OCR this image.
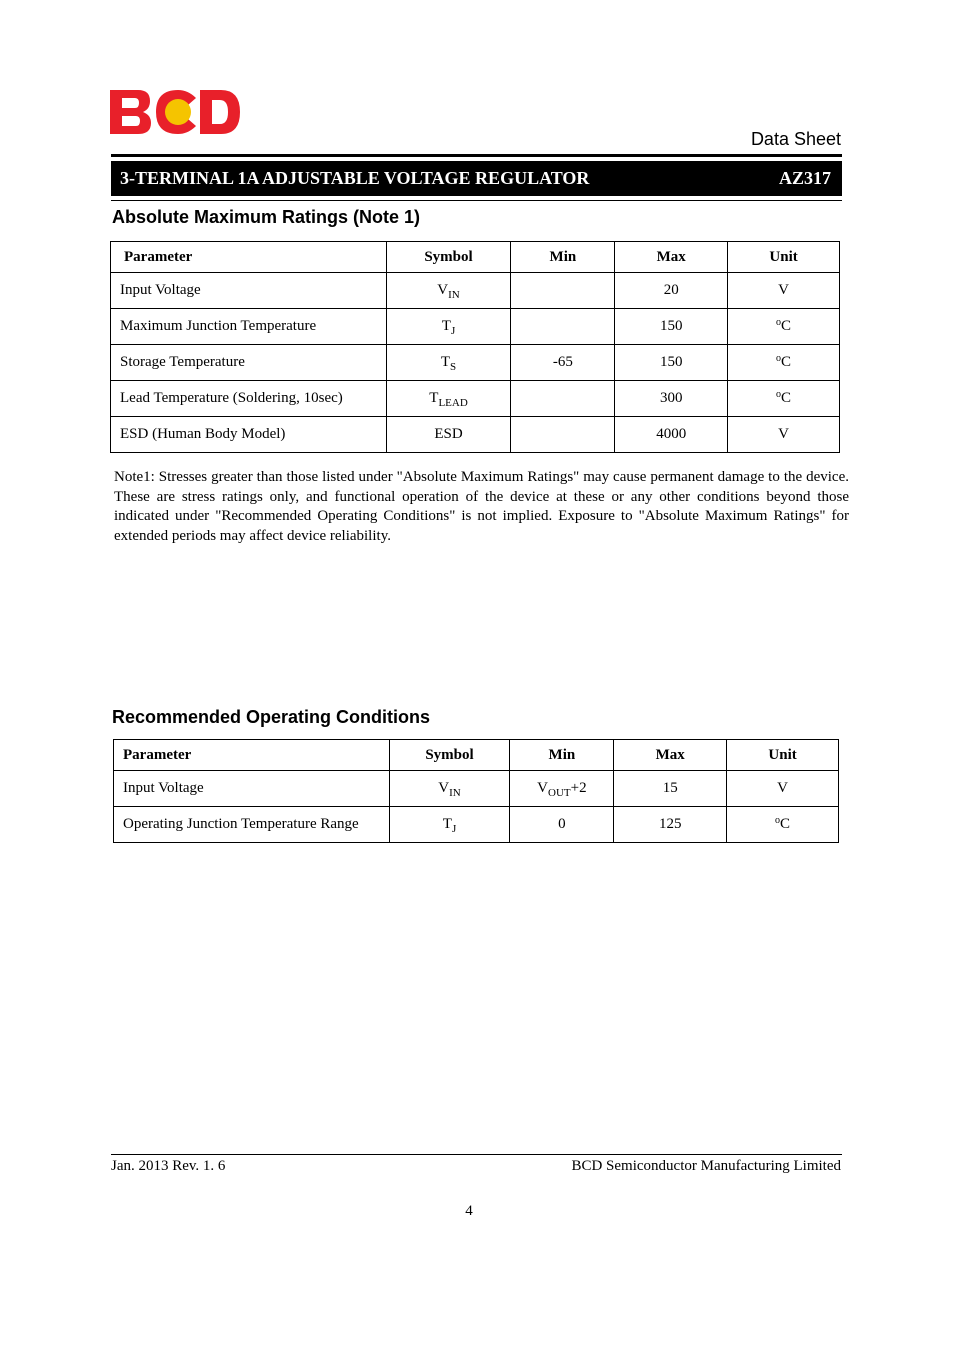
Data Sheet
3-TERMINAL 1A ADJUSTABLE VOLTAGE REGULATOR	AZ317
Absolute Maximum Ratings (Note 1)
Parameter	Symbol	Min	Max	Unit
Input Voltage	$V_{IN}$		20	V
Maximum Junction Temperature	$T_J$		150	$^o$C
Storage Temperature	$T_S$	-65	150	$^o$C
Lead Temperature (Soldering, 10sec)	$T_{LEAD}$		300	$^o$C
ESD (Human Body Model)	ESD		4000	V
Note1: Stresses greater than those listed under "Absolute Maximum Ratings" may cause permanent damage to the device. These are stress ratings only, and functional operation of the device at these or any other conditions beyond those indicated under "Recommended Operating Conditions" is not implied. Exposure to "Absolute Maximum Ratings" for extended periods may affect device reliability.
Recommended Operating Conditions
Parameter	Symbol	Min	Max	Unit
Input Voltage	$V_{IN}$	$V_{OUT}+2$	15	V
Operating Junction Temperature Range	$T_J$	0	125	$^o$C
Jan. 2013 Rev. 1. 6	BCD Semiconductor Manufacturing Limited
4
